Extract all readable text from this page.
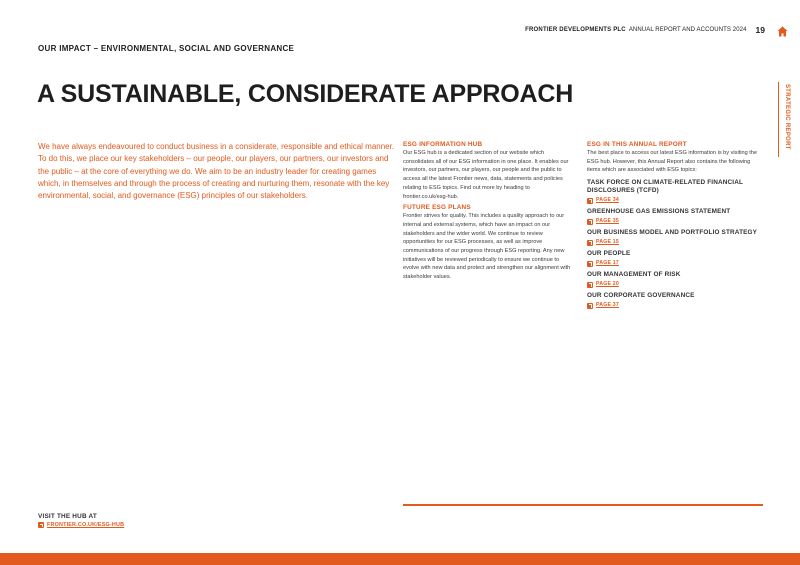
FRONTIER DEVELOPMENTS PLC ANNUAL REPORT AND ACCOUNTS 2024 19
OUR IMPACT – ENVIRONMENTAL, SOCIAL AND GOVERNANCE
A SUSTAINABLE, CONSIDERATE APPROACH	STRATEGIC REPORT

We have always endeavoured to conduct business in a considerate, responsible and ethical manner. To do this, we place our key stakeholders – our people, our players, our partners, our investors and the public – at the core of everything we do. We aim to be an industry leader for creating games which, in themselves and through the process of creating and nurturing them, resonate with the key environmental, social, and governance (ESG) principles of our stakeholders.

ESG INFORMATION HUB

Our ESG hub is a dedicated section of our website which consolidates all of our ESG information in one place. It enables our investors, our partners, our players, our people and the public to access all the latest Frontier news, data, statements and policies relating to ESG topics. Find out more by heading to frontier.co.uk/esg-hub.

FUTURE ESG PLANS

Frontier strives for quality. This includes a quality approach to our internal and external systems, which have an impact on our stakeholders and the wider world. We continue to review opportunities for our ESG processes, as well as improve communications of our progress through ESG reporting. Any new initiatives will be reviewed periodically to ensure we continue to evolve with new data and protect and strengthen our alignment with stakeholder values.

ESG IN THIS ANNUAL REPORT

The best place to access our latest ESG information is by visiting the ESG hub. However, this Annual Report also contains the following items which are associated with ESG topics:

TASK FORCE ON CLIMATE-RELATED FINANCIAL DISCLOSURES (TCFD)
PAGE 34
GREENHOUSE GAS EMISSIONS STATEMENT
PAGE 35
OUR BUSINESS MODEL AND PORTFOLIO STRATEGY
PAGE 15
OUR PEOPLE
PAGE 17
OUR MANAGEMENT OF RISK
PAGE 20
OUR CORPORATE GOVERNANCE
PAGE 37
VISIT THE HUB AT
FRONTIER.CO.UK/ESG-HUB
